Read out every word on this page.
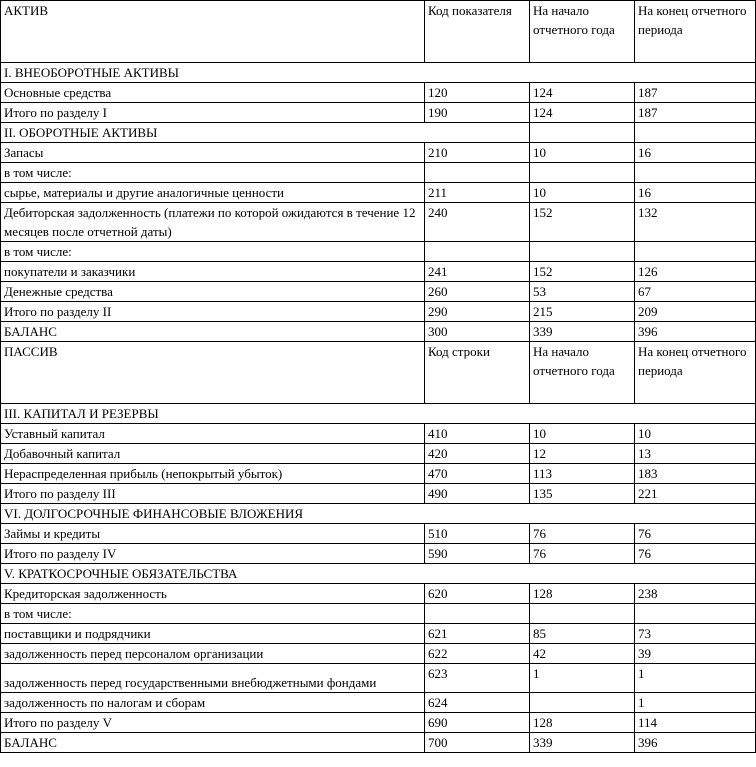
АКТИВ	Код показателя	На начало отчетного года	На конец отчетного периода
I. ВНЕОБОРОТНЫЕ АКТИВЫ			
Основные средства	120	124	187
Итого по разделу I	190	124	187
II. ОБОРОТНЫЕ АКТИВЫ			
Запасы	210	10	16
в том числе:			
сырье, материалы и другие аналогичные ценности	211	10	16
Дебиторская задолженность (платежи по которой ожидаются в течение 12 месяцев после отчетной даты)	240	152	132
в том числе:			
покупатели и заказчики	241	152	126
Денежные средства	260	53	67
Итого по разделу II	290	215	209
БАЛАНС	300	339	396
ПАССИВ	Код строки	На начало отчетного года	На конец отчетного периода
III. КАПИТАЛ И РЕЗЕРВЫ			
Уставный капитал	410	10	10
Добавочный капитал	420	12	13
Нераспределенная прибыль (непокрытый убыток)	470	113	183
Итого по разделу III	490	135	221
VI. ДОЛГОСРОЧНЫЕ ФИНАНСОВЫЕ ВЛОЖЕНИЯ			
Займы и кредиты	510	76	76
Итого по разделу IV	590	76	76
V. КРАТКОСРОЧНЫЕ ОБЯЗАТЕЛЬСТВА			
Кредиторская задолженность	620	128	238
в том числе:			
поставщики и подрядчики	621	85	73
задолженность перед персоналом организации	622	42	39
задолженность перед государственными внебюджетными фондами	623	1	1
задолженность по налогам и сборам	624		1
Итого по разделу V	690	128	114
БАЛАНС	700	339	396
